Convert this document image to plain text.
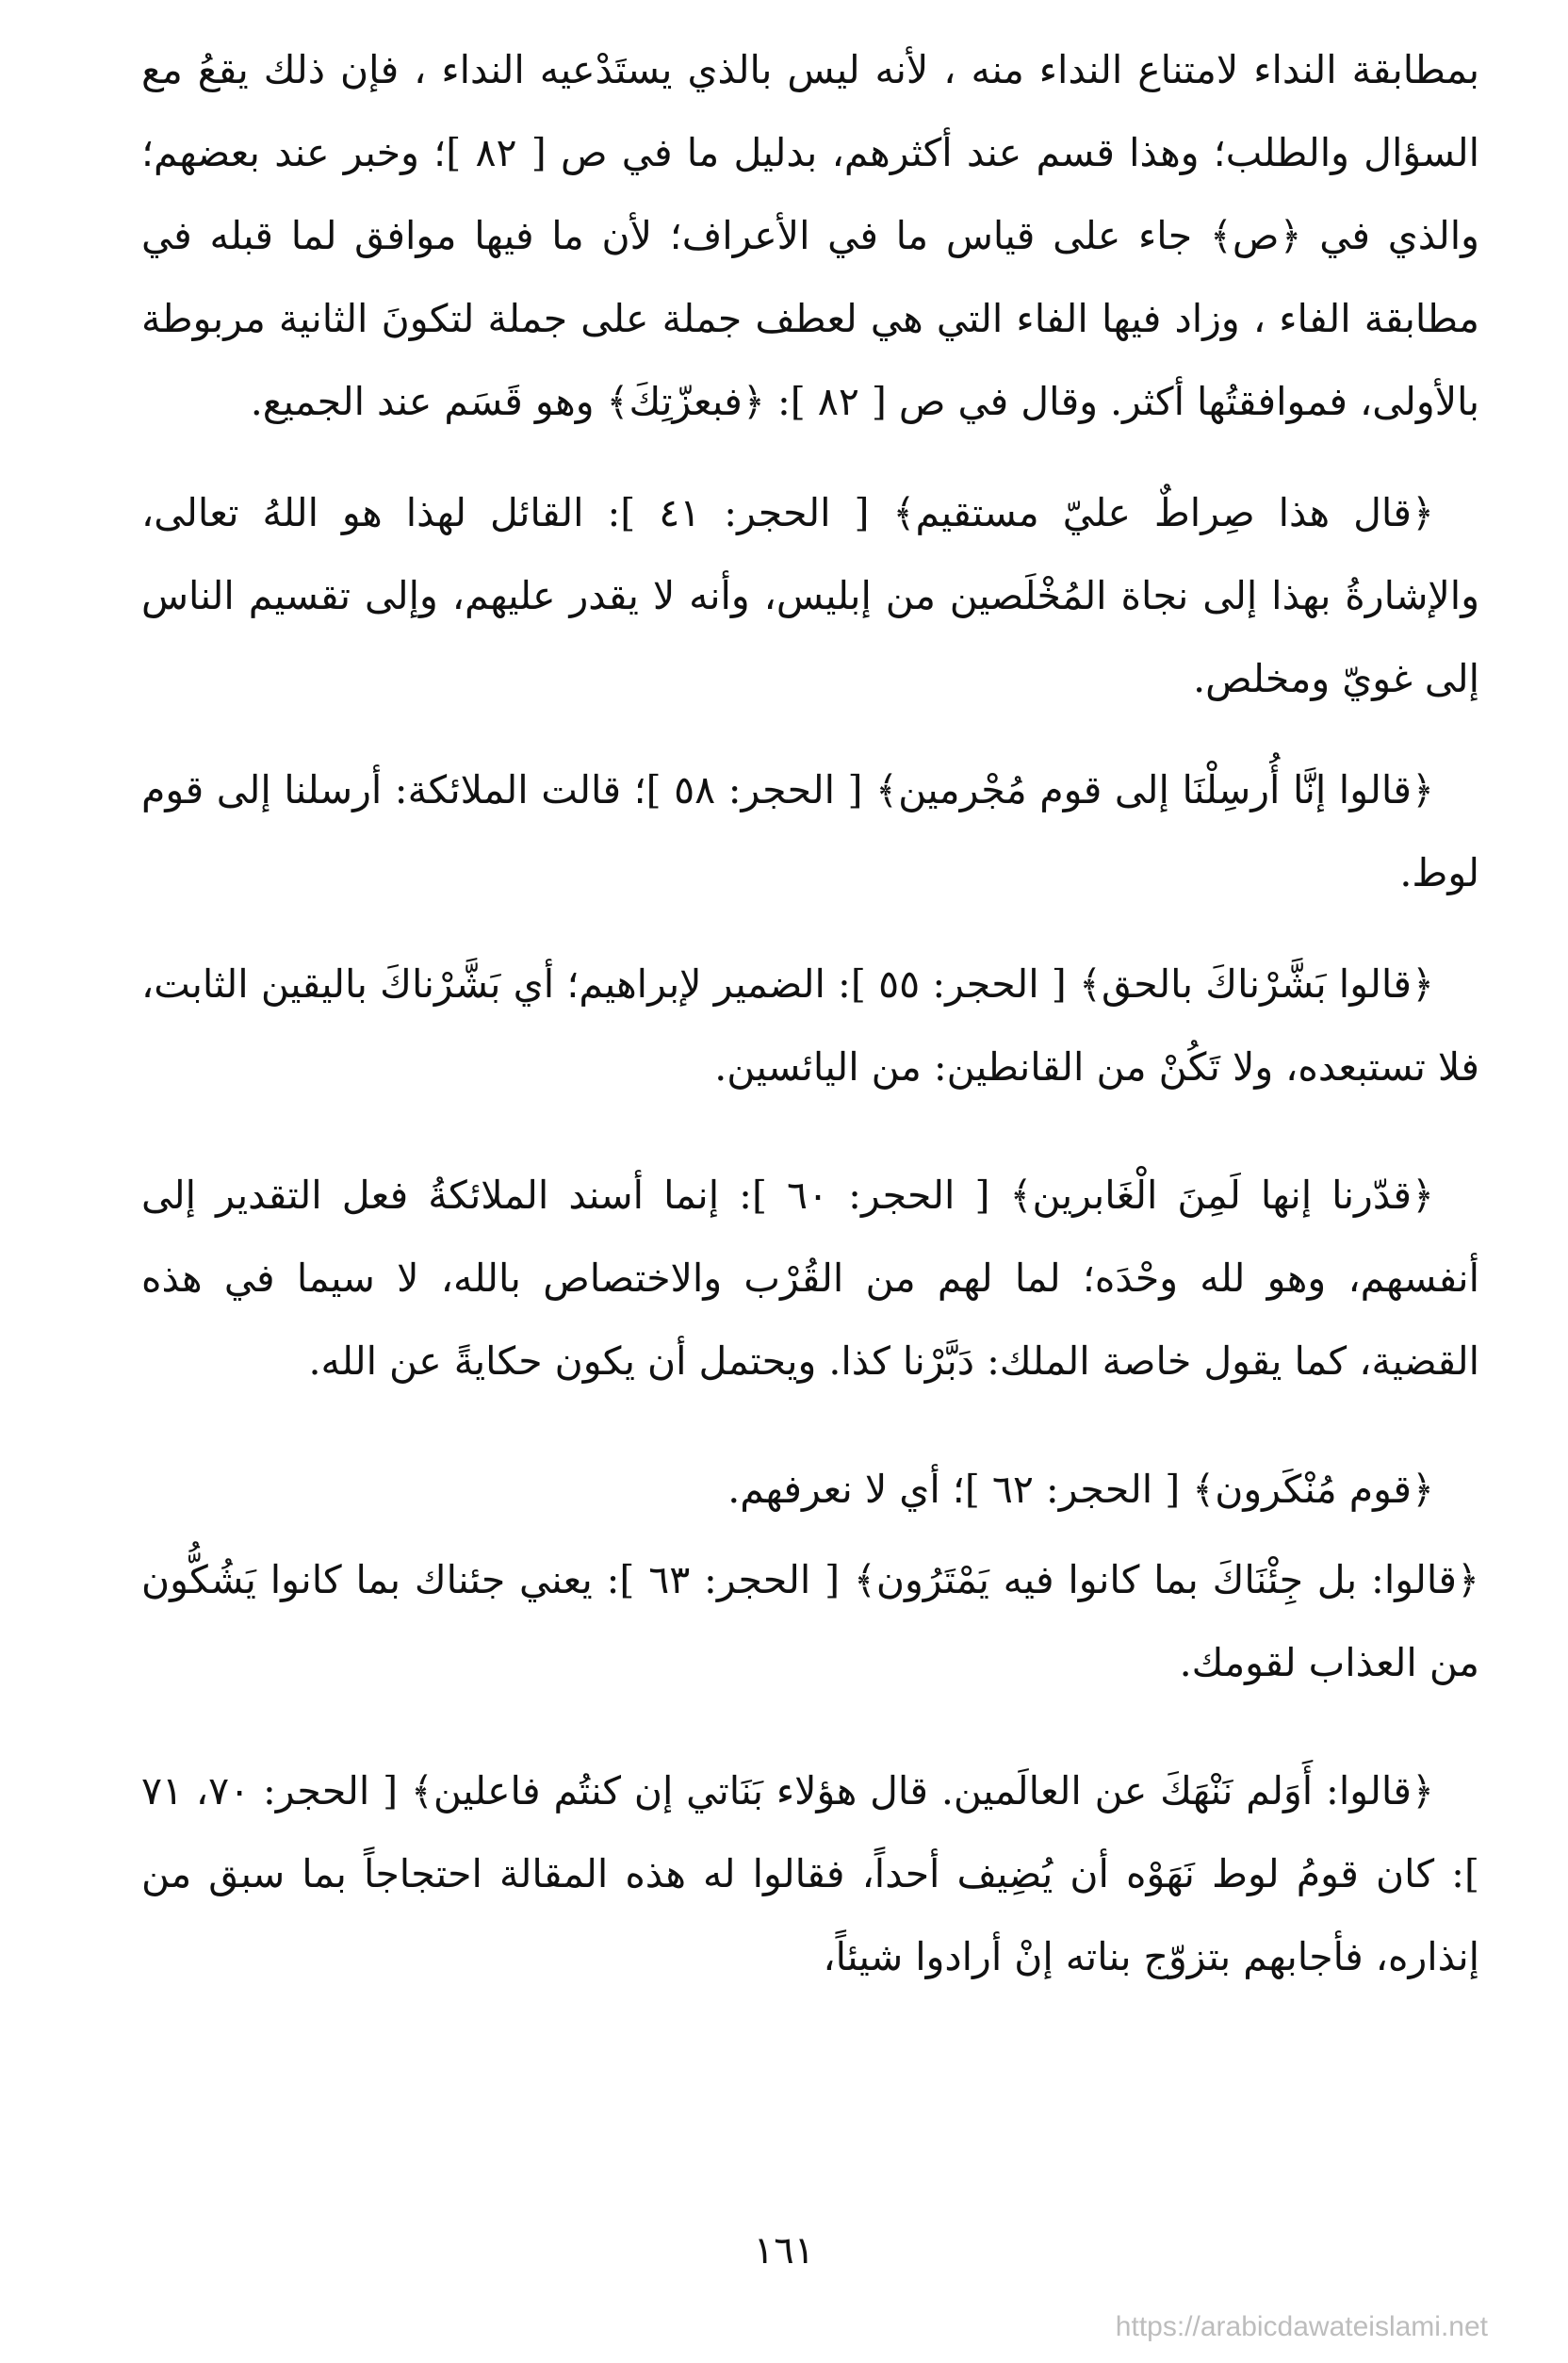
بمطابقة النداء لامتناع النداء منه ، لأنه ليس بالذي يستَدْعيه النداء ، فإن ذلك يقعُ مع السؤال والطلب؛ وهذا قسم عند أكثرهم، بدليل ما في ص [ ٨٢ ]؛ وخبر عند بعضهم؛ والذي في ﴿ص﴾ جاء على قياس ما في الأعراف؛ لأن ما فيها موافق لما قبله في مطابقة الفاء ، وزاد فيها الفاء التي هي لعطف جملة على جملة لتكونَ الثانية مربوطة بالأولى، فموافقتُها أكثر. وقال في ص [ ٨٢ ]: ﴿فبعزّتِكَ﴾ وهو قَسَم عند الجميع.

﴿قال هذا صِراطٌ عليّ مستقيم﴾ [ الحجر: ٤١ ]: القائل لهذا هو اللهُ تعالى، والإشارةُ بهذا إلى نجاة المُخْلَصين من إبليس، وأنه لا يقدر عليهم، وإلى تقسيم الناس إلى غويّ ومخلص.

﴿قالوا إنَّا أُرسِلْنَا إلى قوم مُجْرمين﴾ [ الحجر: ٥٨ ]؛ قالت الملائكة: أرسلنا إلى قوم لوط.

﴿قالوا بَشَّرْناكَ بالحق﴾ [ الحجر: ٥٥ ]: الضمير لإبراهيم؛ أي بَشَّرْناكَ باليقين الثابت، فلا تستبعده، ولا تَكُنْ من القانطين: من اليائسين.

﴿قدّرنا إنها لَمِنَ الْغَابرين﴾ [ الحجر: ٦٠ ]: إنما أسند الملائكةُ فعل التقدير إلى أنفسهم، وهو لله وحْدَه؛ لما لهم من القُرْب والاختصاص بالله، لا سيما في هذه القضية، كما يقول خاصة الملك: دَبَّرْنا كذا. ويحتمل أن يكون حكايةً عن الله.

﴿قوم مُنْكَرون﴾ [ الحجر: ٦٢ ]؛ أي لا نعرفهم.

﴿قالوا: بل جِئْنَاكَ بما كانوا فيه يَمْتَرُون﴾ [ الحجر: ٦٣ ]: يعني جئناك بما كانوا يَشُكُّون من العذاب لقومك.

﴿قالوا: أَوَلم نَنْهَكَ عن العالَمين. قال هؤلاء بَنَاتي إن كنتُم فاعلين﴾ [ الحجر: ٧٠، ٧١ ]: كان قومُ لوط نَهَوْه أن يُضِيف أحداً، فقالوا له هذه المقالة احتجاجاً بما سبق من إنذاره، فأجابهم بتزوّج بناته إنْ أرادوا شيئاً،

١٦١
https://arabicdawateislami.net
